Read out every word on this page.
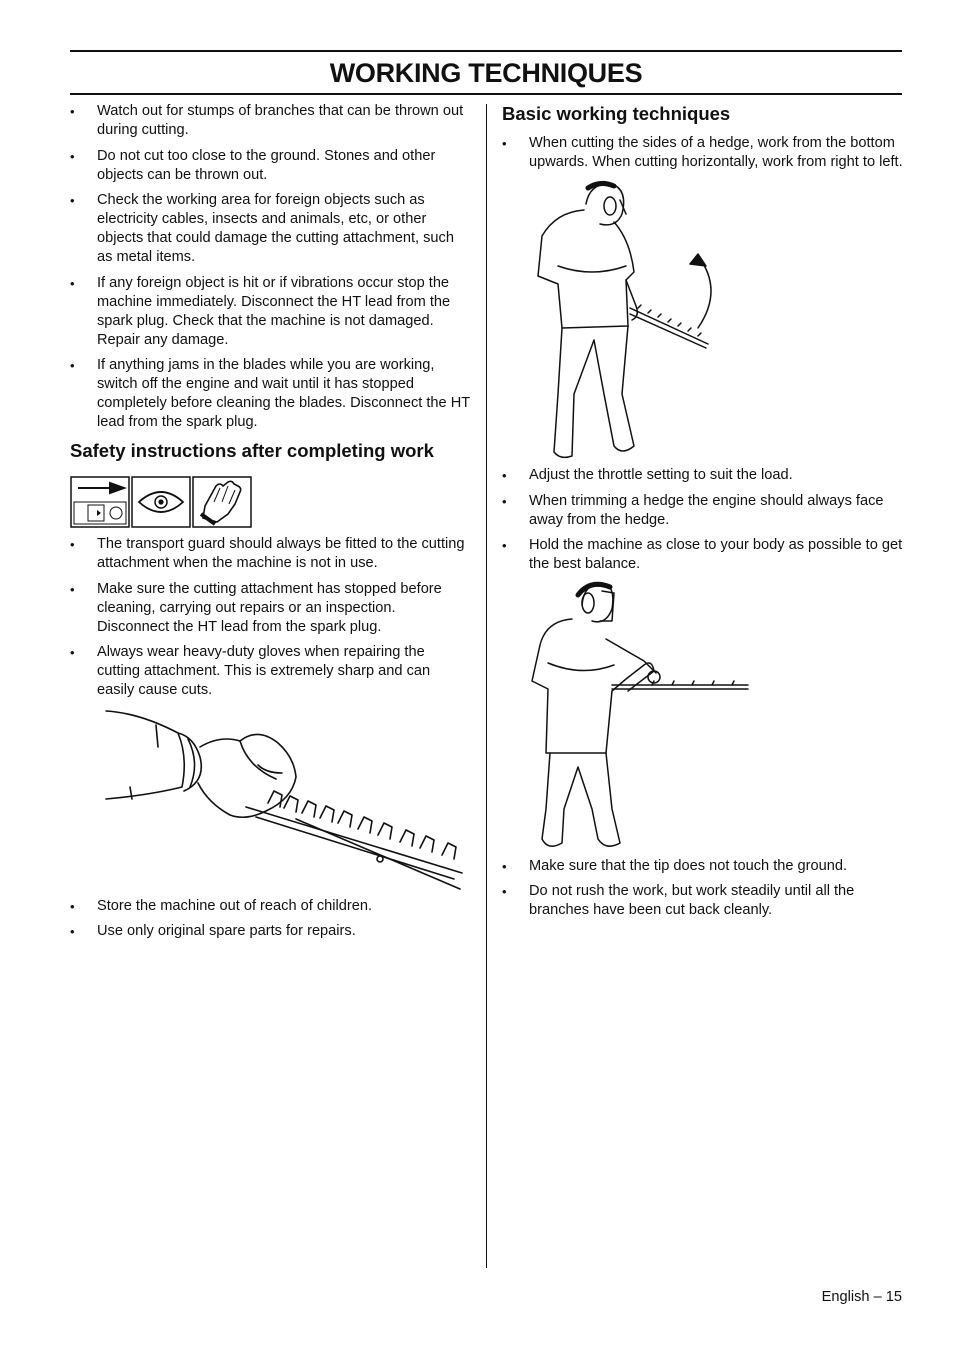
WORKING TECHNIQUES
• Watch out for stumps of branches that can be thrown out during cutting.
• Do not cut too close to the ground. Stones and other objects can be thrown out.
• Check the working area for foreign objects such as electricity cables, insects and animals, etc, or other objects that could damage the cutting attachment, such as metal items.
• If any foreign object is hit or if vibrations occur stop the machine immediately. Disconnect the HT lead from the spark plug. Check that the machine is not damaged. Repair any damage.
• If anything jams in the blades while you are working, switch off the engine and wait until it has stopped completely before cleaning the blades. Disconnect the HT lead from the spark plug.
Safety instructions after completing work
• The transport guard should always be fitted to the cutting attachment when the machine is not in use.
• Make sure the cutting attachment has stopped before cleaning, carrying out repairs or an inspection. Disconnect the HT lead from the spark plug.
• Always wear heavy-duty gloves when repairing the cutting attachment. This is extremely sharp and can easily cause cuts.
• Store the machine out of reach of children.
• Use only original spare parts for repairs.
Basic working techniques
• When cutting the sides of a hedge, work from the bottom upwards. When cutting horizontally, work from right to left.
• Adjust the throttle setting to suit the load.
• When trimming a hedge the engine should always face away from the hedge.
• Hold the machine as close to your body as possible to get the best balance.
• Make sure that the tip does not touch the ground.
• Do not rush the work, but work steadily until all the branches have been cut back cleanly.
English – 15
